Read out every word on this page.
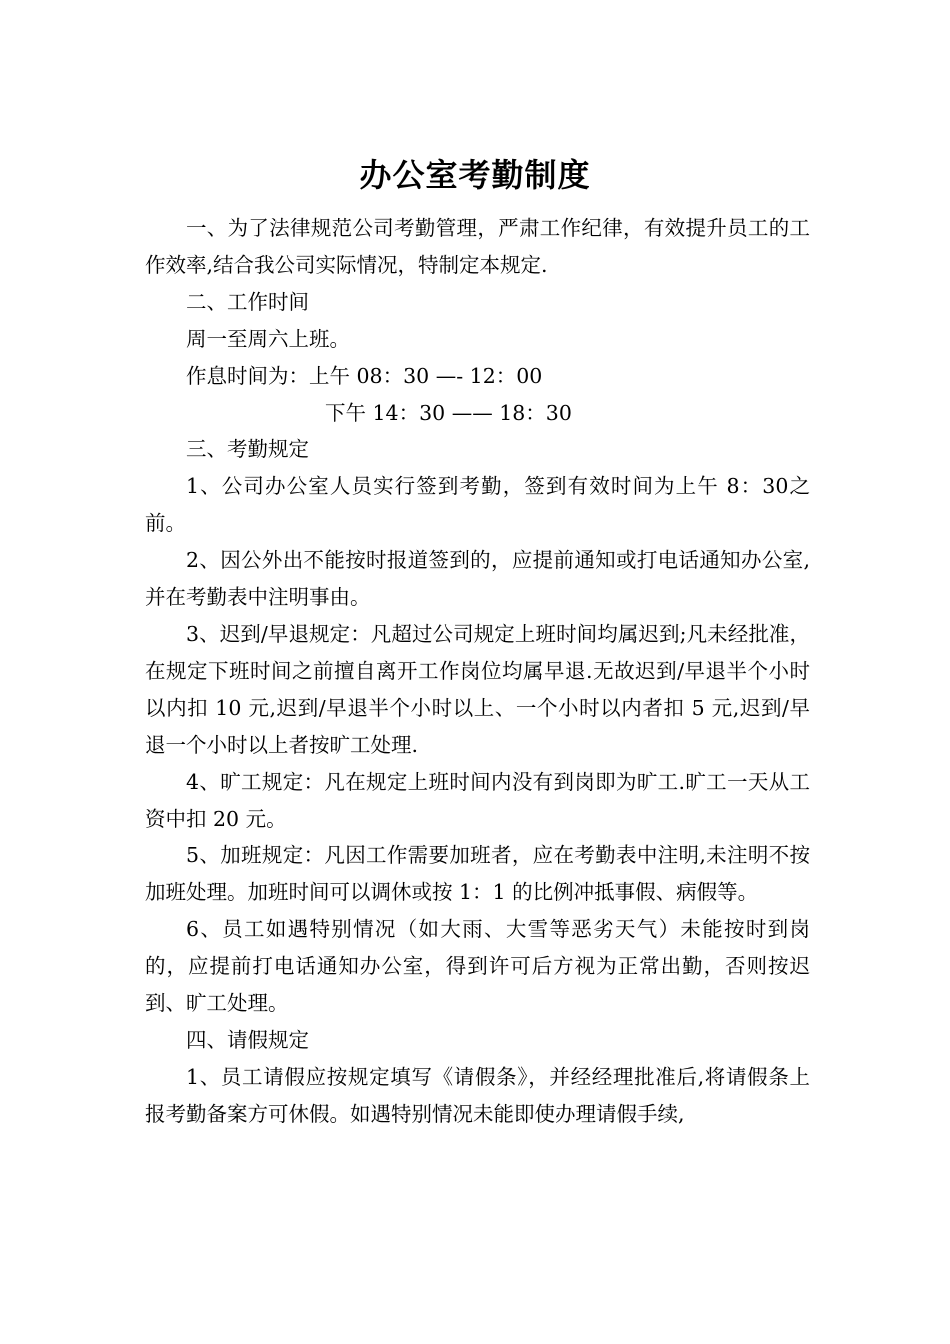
办公室考勤制度

一、为了法律规范公司考勤管理，严肃工作纪律，有效提升员工的工作效率,结合我公司实际情况，特制定本规定.

二、工作时间

周一至周六上班。

作息时间为：上午 08：30 —- 12：00

下午 14：30 —— 18：30

三、考勤规定

1、公司办公室人员实行签到考勤，签到有效时间为上午 8：30之前。

2、因公外出不能按时报道签到的，应提前通知或打电话通知办公室,并在考勤表中注明事由。

3、迟到/早退规定：凡超过公司规定上班时间均属迟到;凡未经批准，在规定下班时间之前擅自离开工作岗位均属早退.无故迟到/早退半个小时以内扣 10 元,迟到/早退半个小时以上、一个小时以内者扣 5 元,迟到/早退一个小时以上者按旷工处理.

4、旷工规定：凡在规定上班时间内没有到岗即为旷工.旷工一天从工资中扣 20 元。

5、加班规定：凡因工作需要加班者，应在考勤表中注明,未注明不按加班处理。加班时间可以调休或按 1：1 的比例冲抵事假、病假等。

6、员工如遇特别情况（如大雨、大雪等恶劣天气）未能按时到岗的，应提前打电话通知办公室，得到许可后方视为正常出勤，否则按迟到、旷工处理。

四、请假规定

1、员工请假应按规定填写《请假条》，并经经理批准后,将请假条上报考勤备案方可休假。如遇特别情况未能即使办理请假手续,
